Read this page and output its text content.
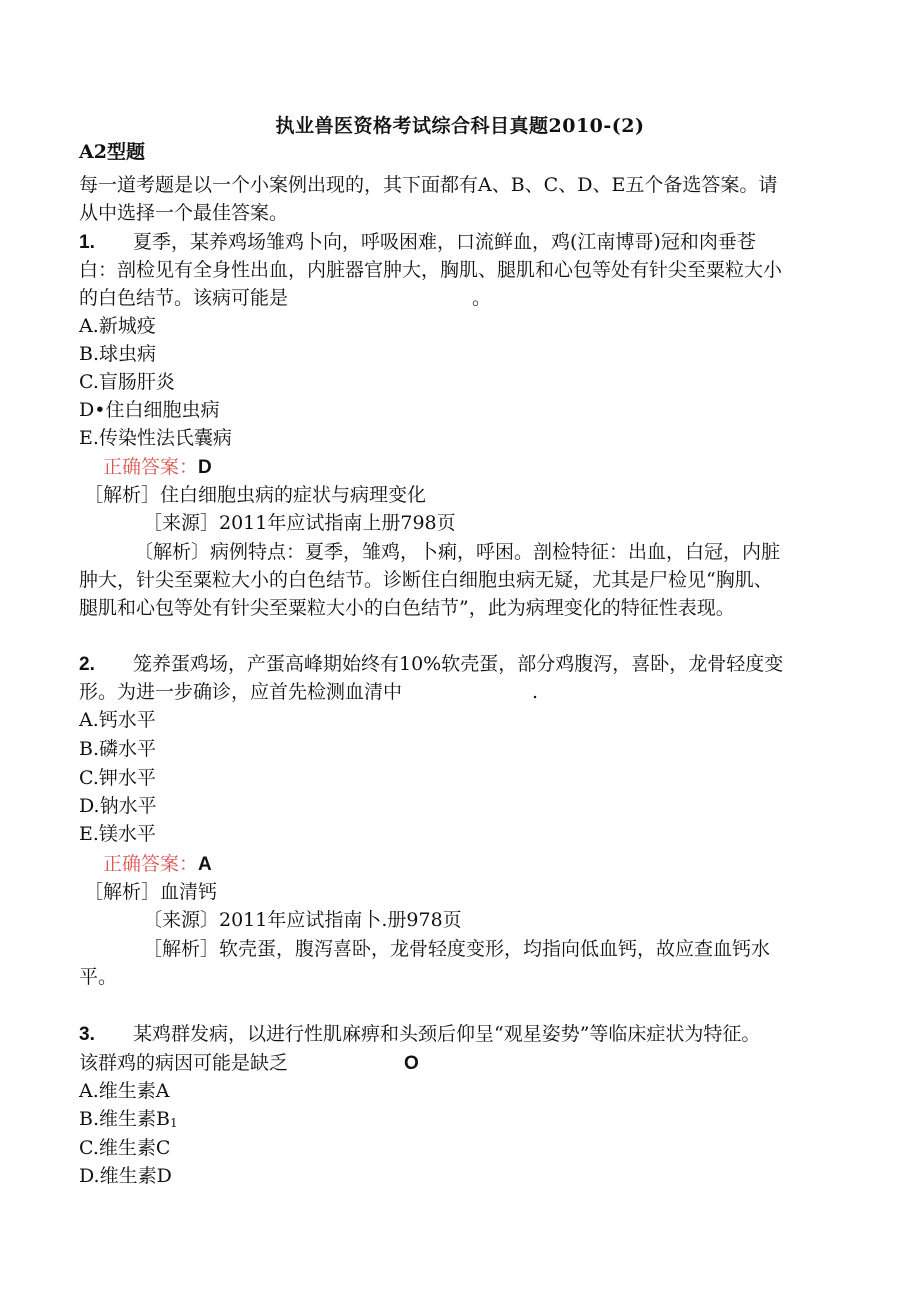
执业兽医资格考试综合科目真题2010-(2)
A2型题
每一道考题是以一个小案例出现的，其下面都有A、B、C、D、E五个备选答案。请
从中选择一个最佳答案。
1. 夏季，某养鸡场雏鸡卜向，呼吸困难，口流鲜血，鸡(江南博哥)冠和肉垂苍
白：剖检见有全身性出血，内脏器官肿大，胸肌、腿肌和心包等处有针尖至粟粒大小
的白色结节。该病可能是	。
A.新城疫
B.球虫病
C.盲肠肝炎
D•住白细胞虫病
E.传染性法氏囊病
正确答案：D
［解析］住白细胞虫病的症状与病理变化
［来源］2011年应试指南上册798页
〔解析〕病例特点：夏季，雏鸡，卜痢，呼困。剖检特征：出血，白冠，内脏
肿大，针尖至粟粒大小的白色结节。诊断住白细胞虫病无疑，尤其是尸检见“胸肌、
腿肌和心包等处有针尖至粟粒大小的白色结节”，此为病理变化的特征性表现。
2. 笼养蛋鸡场，产蛋高峰期始终有10%软壳蛋，部分鸡腹泻，喜卧，龙骨轻度变
形。为进一步确诊，应首先检测血清中	.
A.钙水平
B.磷水平
C.钾水平
D.钠水平
E.镁水平
正确答案：A
［解析］血清钙
〔来源〕2011年应试指南卜.册978页
［解析］软壳蛋，腹泻喜卧，龙骨轻度变形，均指向低血钙，故应查血钙水
平。
3. 某鸡群发病，以进行性肌麻痹和头颈后仰呈“观星姿势”等临床症状为特征。
该群鸡的病因可能是缺乏	O
A.维生素A
B.维生素$B_1$
C.维生素C
D.维生素D
